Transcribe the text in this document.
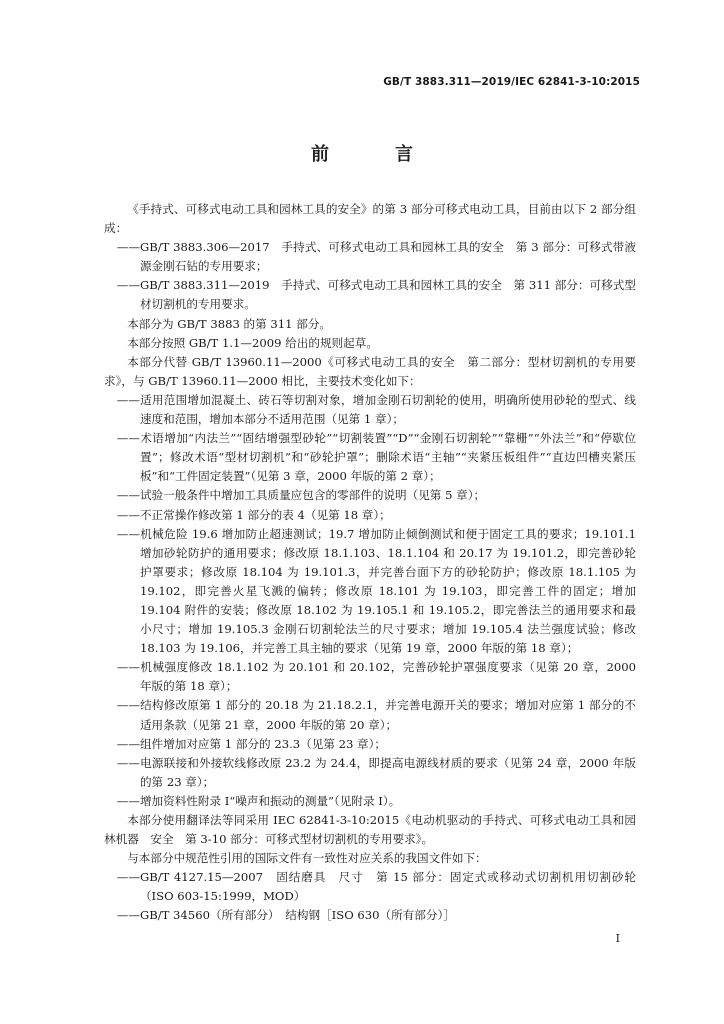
GB/T 3883.311—2019/IEC 62841-3-10:2015
前　言

《手持式、可移式电动工具和园林工具的安全》的第 3 部分可移式电动工具，目前由以下 2 部分组成：

——GB/T 3883.306—2017　手持式、可移式电动工具和园林工具的安全　第 3 部分：可移式带液源金刚石钻的专用要求；

——GB/T 3883.311—2019　手持式、可移式电动工具和园林工具的安全　第 311 部分：可移式型材切割机的专用要求。

本部分为 GB/T 3883 的第 311 部分。

本部分按照 GB/T 1.1—2009 给出的规则起草。

本部分代替 GB/T 13960.11—2000《可移式电动工具的安全　第二部分：型材切割机的专用要求》，与 GB/T 13960.11—2000 相比，主要技术变化如下：

——适用范围增加混凝土、砖石等切割对象，增加金刚石切割轮的使用，明确所使用砂轮的型式、线速度和范围，增加本部分不适用范围（见第 1 章）；

——术语增加“内法兰”“固结增强型砂轮”“切割装置”“D”“金刚石切割轮”“靠栅”“外法兰”和“停歇位置”；修改术语“型材切割机”和“砂轮护罩”；删除术语“主轴”“夹紧压板组件”“直边凹槽夹紧压板”和“工件固定装置”（见第 3 章，2000 年版的第 2 章）；

——试验一般条件中增加工具质量应包含的零部件的说明（见第 5 章）；

——不正常操作修改第 1 部分的表 4（见第 18 章）；

——机械危险 19.6 增加防止超速测试；19.7 增加防止倾倒测试和便于固定工具的要求；19.101.1 增加砂轮防护的通用要求；修改原 18.1.103、18.1.104 和 20.17 为 19.101.2，即完善砂轮护罩要求；修改原 18.104 为 19.101.3，并完善台面下方的砂轮防护；修改原 18.1.105 为 19.102，即完善火星飞溅的偏转；修改原 18.101 为 19.103，即完善工件的固定；增加 19.104 附件的安装；修改原 18.102 为 19.105.1 和 19.105.2，即完善法兰的通用要求和最小尺寸；增加 19.105.3 金刚石切割轮法兰的尺寸要求；增加 19.105.4 法兰强度试验；修改 18.103 为 19.106，并完善工具主轴的要求（见第 19 章，2000 年版的第 18 章）；

——机械强度修改 18.1.102 为 20.101 和 20.102，完善砂轮护罩强度要求（见第 20 章，2000 年版的第 18 章）；

——结构修改原第 1 部分的 20.18 为 21.18.2.1，并完善电源开关的要求；增加对应第 1 部分的不适用条款（见第 21 章，2000 年版的第 20 章）；

——组件增加对应第 1 部分的 23.3（见第 23 章）；

——电源联接和外接软线修改原 23.2 为 24.4，即提高电源线材质的要求（见第 24 章，2000 年版的第 23 章）；

——增加资料性附录 I“噪声和振动的测量”（见附录 I）。

本部分使用翻译法等同采用 IEC 62841-3-10:2015《电动机驱动的手持式、可移式电动工具和园林机器　安全　第 3-10 部分：可移式型材切割机的专用要求》。

与本部分中规范性引用的国际文件有一致性对应关系的我国文件如下：

——GB/T 4127.15—2007　固结磨具　尺寸　第 15 部分：固定式或移动式切割机用切割砂轮（ISO 603-15:1999，MOD）

——GB/T 34560（所有部分）　结构钢［ISO 630（所有部分）］

I
